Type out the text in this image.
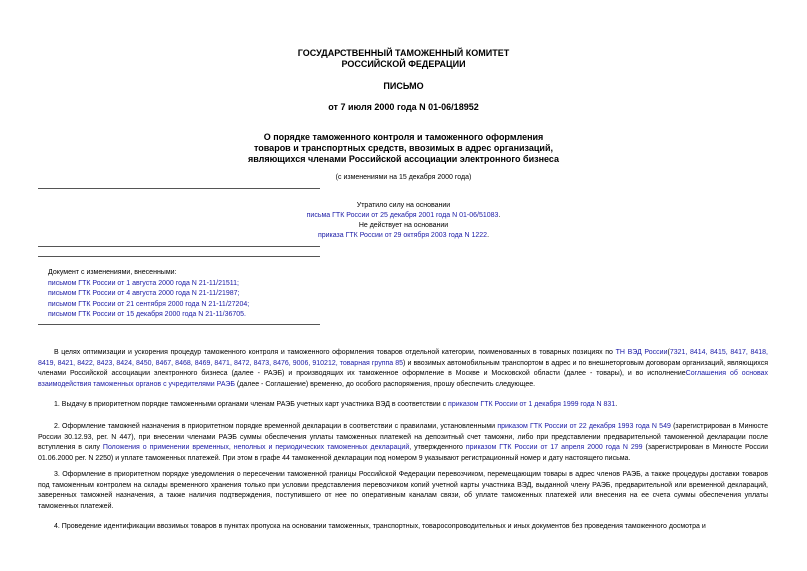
ГОСУДАРСТВЕННЫЙ ТАМОЖЕННЫЙ КОМИТЕТ
РОССИЙСКОЙ ФЕДЕРАЦИИ
ПИСЬМО
от 7 июля 2000 года N 01-06/18952
О порядке таможенного контроля и таможенного оформления
товаров и транспортных средств, ввозимых в адрес организаций,
являющихся членами Российской ассоциации электронного бизнеса
(с изменениями на 15 декабря 2000 года)
Утратило силу на основании
письма ГТК России от 25 декабря 2001 года N 01-06/51083.
Не действует на основании
приказа ГТК России от 29 октября 2003 года N 1222.
Документ с изменениями, внесенными:
письмом ГТК России от 1 августа 2000 года N 21-11/21511;
письмом ГТК России от 4 августа 2000 года N 21-11/21987;
письмом ГТК России от 21 сентября 2000 года N 21-11/27204;
письмом ГТК России от 15 декабря 2000 года N 21-11/36705.
В целях оптимизации и ускорения процедур таможенного контроля и таможенного оформления товаров отдельной категории, поименованных в товарных позициях по ТН ВЭД России(7321, 8414, 8415, 8417, 8418, 8419, 8421, 8422, 8423, 8424, 8450, 8467, 8468, 8469, 8471, 8472, 8473, 8476, 9006, 910212, товарная группа 85) и ввозимых автомобильным транспортом в адрес и по внешнеторговым договорам организаций, являющихся членами Российской ассоциации электронного бизнеса (далее - РАЭБ) и производящих их таможенное оформление в Москве и Московской области (далее - товары), и во исполнениеСоглашения об основах взаимодействия таможенных органов с учредителями РАЭБ (далее - Соглашение) временно, до особого распоряжения, прошу обеспечить следующее.
1. Выдачу в приоритетном порядке таможенными органами членам РАЭБ учетных карт участника ВЭД в соответствии с приказом ГТК России от 1 декабря 1999 года N 831.
2. Оформление таможней назначения в приоритетном порядке временной декларации в соответствии с правилами, установленными приказом ГТК России от 22 декабря 1993 года N 549 (зарегистрирован в Минюсте России 30.12.93, рег. N 447), при внесении членами РАЭБ суммы обеспечения уплаты таможенных платежей на депозитный счет таможни, либо при представлении предварительной таможенной декларации после вступления в силу Положения о применении временных, неполных и периодических таможенных деклараций, утвержденного приказом ГТК России от 17 апреля 2000 года N 299 (зарегистрирован в Минюсте России 01.06.2000 рег. N 2250) и уплате таможенных платежей. При этом в графе 44 таможенной декларации под номером 9 указывают регистрационный номер и дату настоящего письма.
3. Оформление в приоритетном порядке уведомления о пересечении таможенной границы Российской Федерации перевозчиком, перемещающим товары в адрес членов РАЭБ, а также процедуры доставки товаров под таможенным контролем на склады временного хранения только при условии представления перевозчиком копий учетной карты участника ВЭД, выданной члену РАЭБ, предварительной или временной деклараций, заверенных таможней назначения, а также наличия подтверждения, поступившего от нее по оперативным каналам связи, об уплате таможенных платежей или внесения на ее счета суммы обеспечения уплаты таможенных платежей.
4. Проведение идентификации ввозимых товаров в пунктах пропуска на основании таможенных, транспортных, товаросопроводительных и иных документов без проведения таможенного досмотра и
